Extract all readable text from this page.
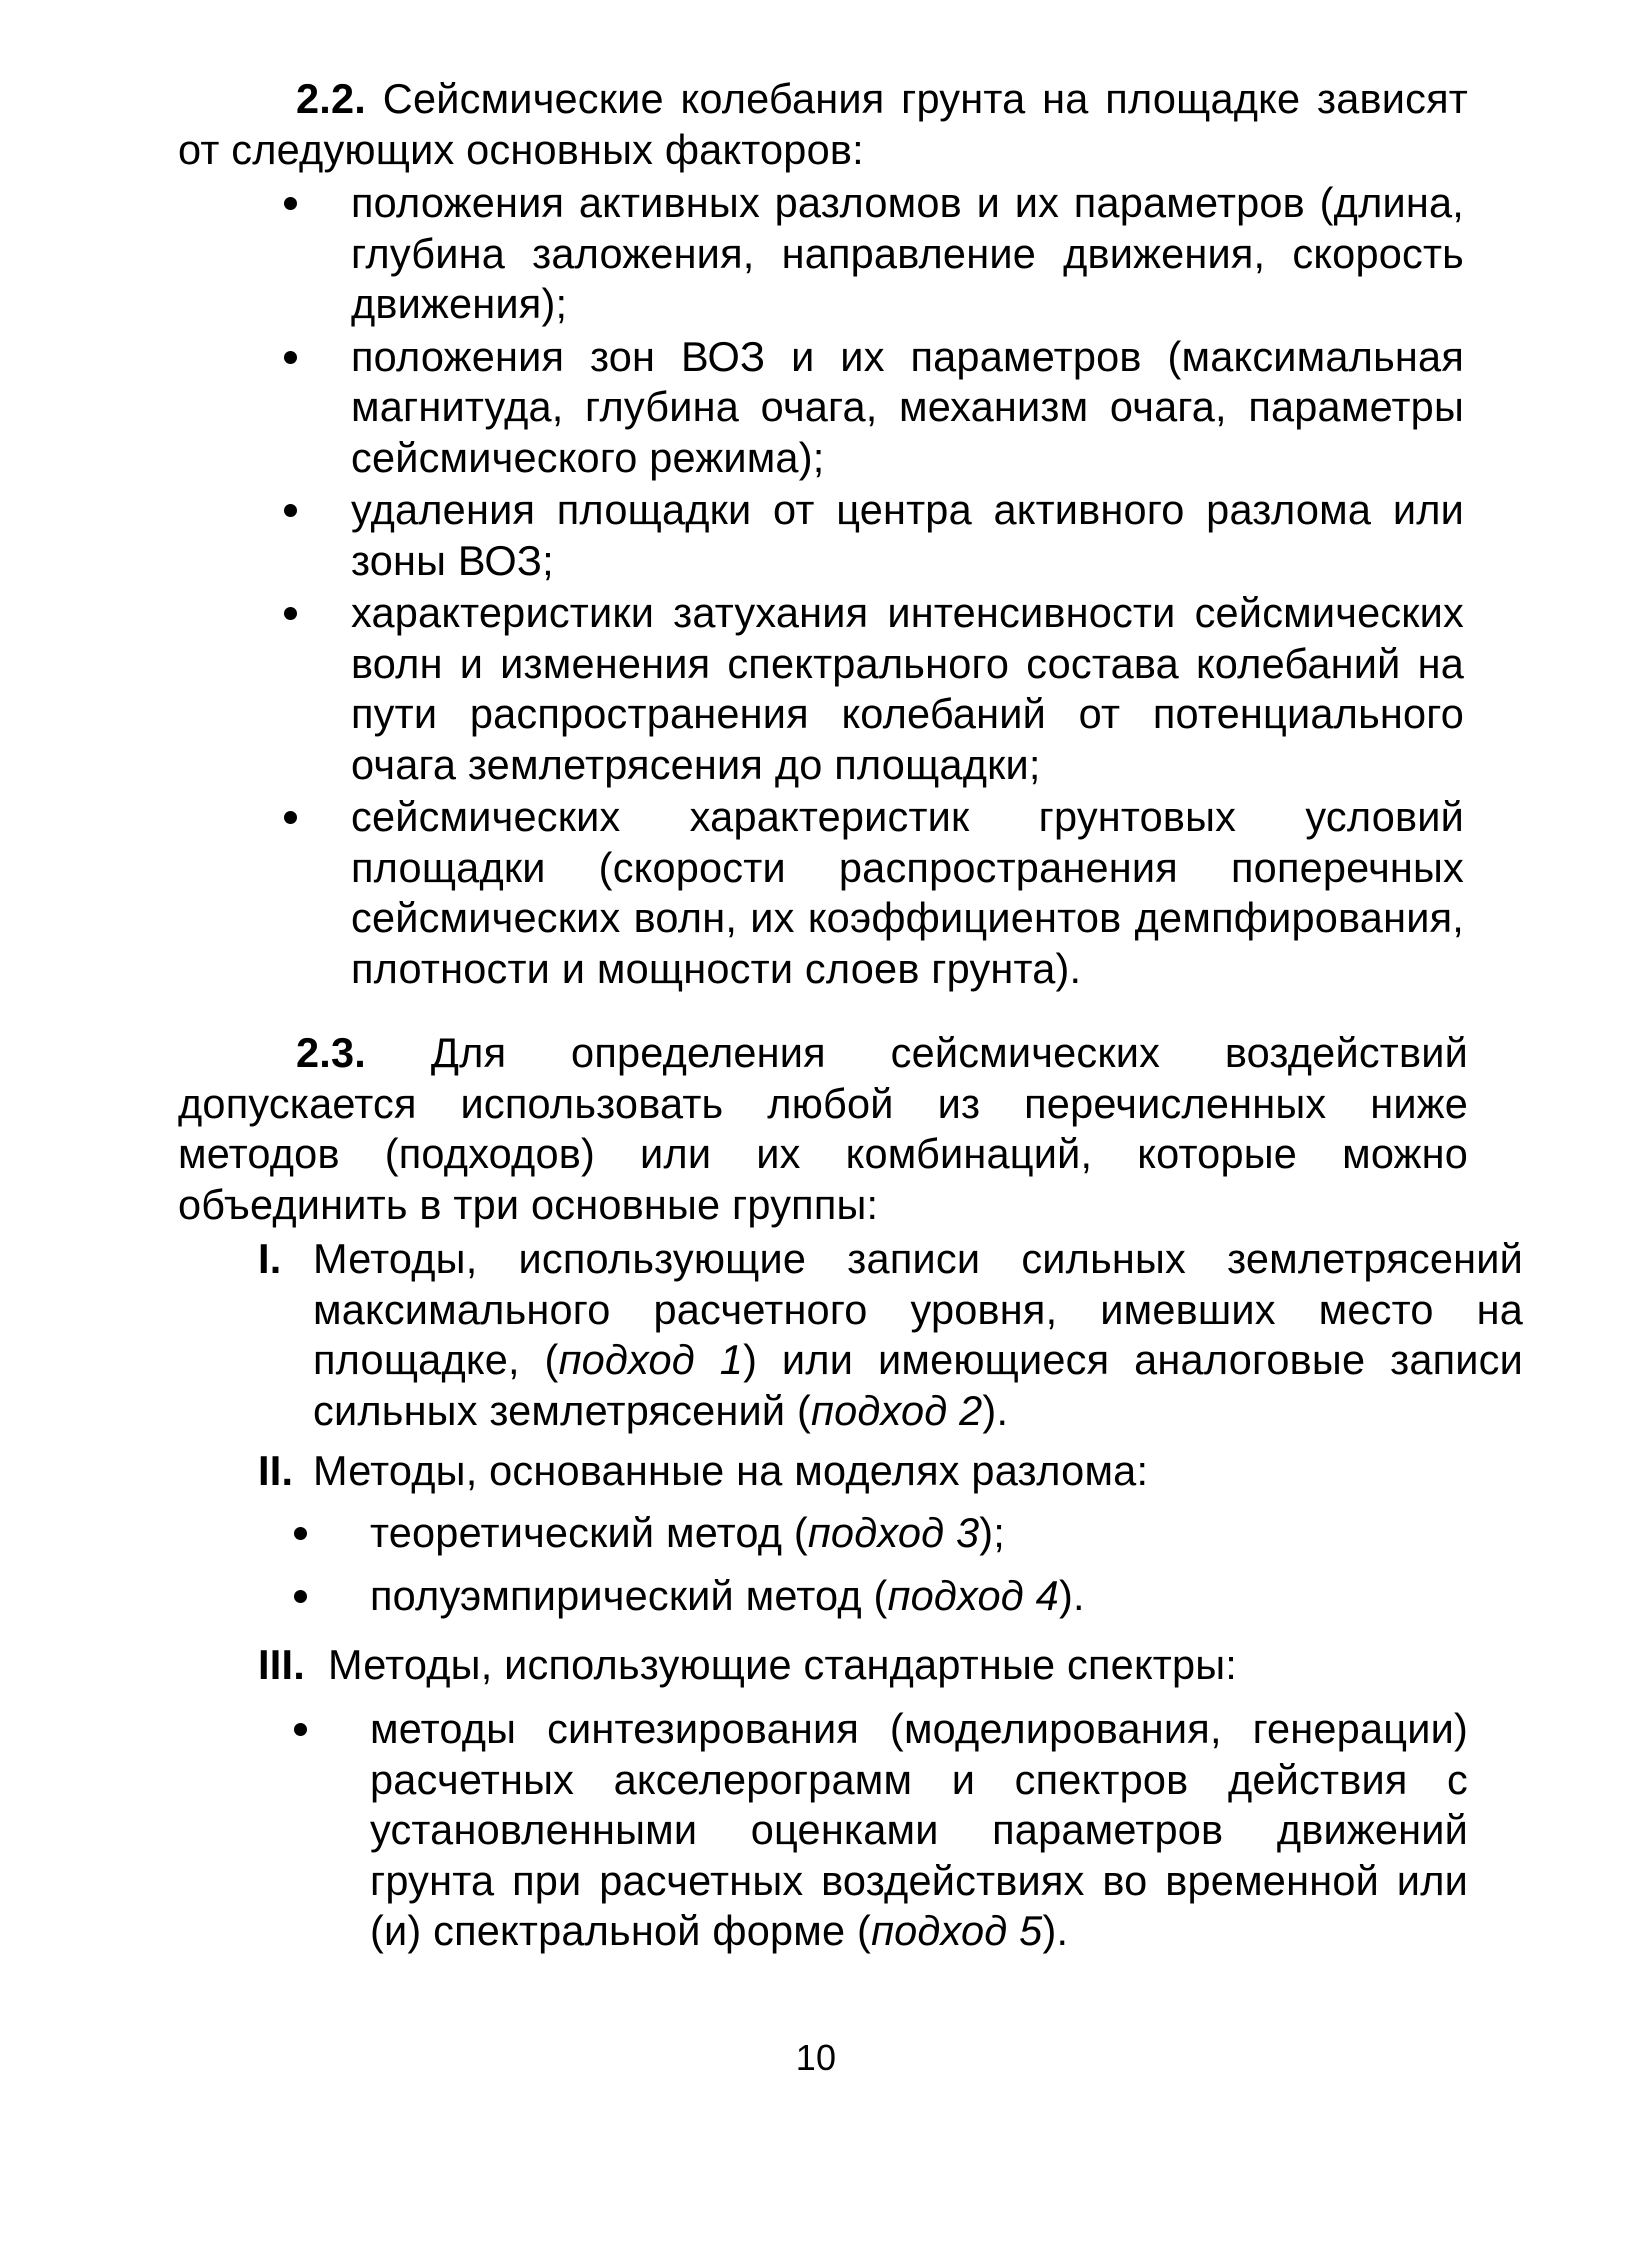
2.2. Сейсмические колебания грунта на площадке зависят от следующих основных факторов:
положения активных разломов и их параметров (длина, глубина заложения, направление движения, скорость движения);
положения зон ВОЗ и их параметров (максимальная магнитуда, глубина очага, механизм очага, параметры сейсмического режима);
удаления площадки от центра активного разлома или зоны ВОЗ;
характеристики затухания интенсивности сейсмических волн и изменения спектрального состава колебаний на пути распространения колебаний от потенциального очага землетрясения до площадки;
сейсмических характеристик грунтовых условий площадки (скорости распространения поперечных сейсмических волн, их коэффициентов демпфирования, плотности и мощности слоев грунта).
2.3. Для определения сейсмических воздействий допускается использовать любой из перечисленных ниже методов (подходов) или их комбинаций, которые можно объединить в три основные группы:
I. Методы, использующие записи сильных землетрясений максимального расчетного уровня, имевших место на площадке, (подход 1) или имеющиеся аналоговые записи сильных землетрясений (подход 2).
II. Методы, основанные на моделях разлома:
теоретический метод (подход 3);
полуэмпирический метод (подход 4).
III. Методы, использующие стандартные спектры:
методы синтезирования (моделирования, генерации) расчетных акселерограмм и спектров действия с установленными оценками параметров движений грунта при расчетных воздействиях во временной или (и) спектральной форме (подход 5).
10
